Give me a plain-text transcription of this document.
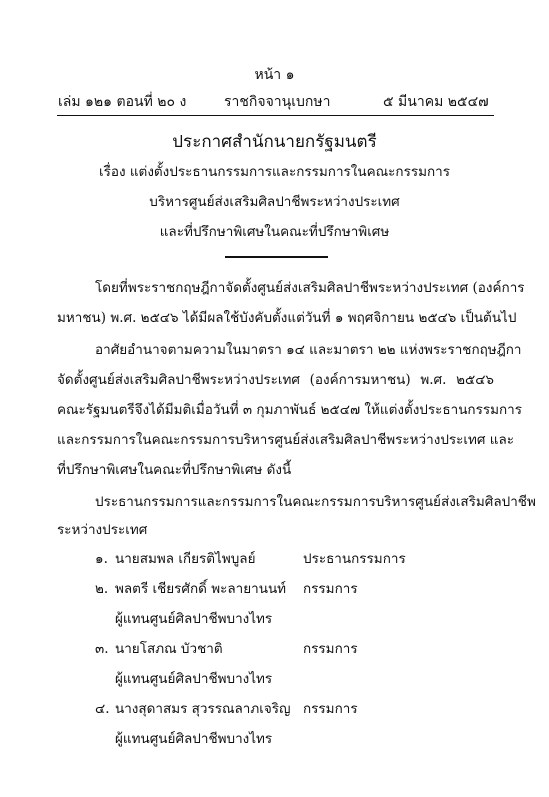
หน้า ๑
เล่ม ๑๒๑ ตอนที่ ๒๐ ง	ราชกิจจานุเบกษา	๕ มีนาคม ๒๕๔๗
ประกาศสำนักนายกรัฐมนตรี
เรื่อง แต่งตั้งประธานกรรมการและกรรมการในคณะกรรมการ
บริหารศูนย์ส่งเสริมศิลปาชีพระหว่างประเทศ
และที่ปรึกษาพิเศษในคณะที่ปรึกษาพิเศษ
โดยที่พระราชกฤษฎีกาจัดตั้งศูนย์ส่งเสริมศิลปาชีพระหว่างประเทศ (องค์การ
มหาชน) พ.ศ. ๒๕๔๖ ได้มีผลใช้บังคับตั้งแต่วันที่ ๑ พฤศจิกายน ๒๕๔๖ เป็นต้นไป
อาศัยอำนาจตามความในมาตรา ๑๔ และมาตรา ๒๒ แห่งพระราชกฤษฎีกา
จัดตั้งศูนย์ส่งเสริมศิลปาชีพระหว่างประเทศ (องค์การมหาชน) พ.ศ. ๒๕๔๖
คณะรัฐมนตรีจึงได้มีมติเมื่อวันที่ ๓ กุมภาพันธ์ ๒๕๔๗ ให้แต่งตั้งประธานกรรมการ
และกรรมการในคณะกรรมการบริหารศูนย์ส่งเสริมศิลปาชีพระหว่างประเทศ และ
ที่ปรึกษาพิเศษในคณะที่ปรึกษาพิเศษ ดังนี้
ประธานกรรมการและกรรมการในคณะกรรมการบริหารศูนย์ส่งเสริมศิลปาชีพ
ระหว่างประเทศ
๑. นายสมพล เกียรติไพบูลย์	ประธานกรรมการ
๒. พลตรี เชียรศักดิ์ พะลายานนท์ กรรมการ
ผู้แทนศูนย์ศิลปาชีพบางไทร
๓. นายโสภณ บัวชาติ	กรรมการ
ผู้แทนศูนย์ศิลปาชีพบางไทร
๔. นางสุดาสมร สุวรรณลาภเจริญ กรรมการ
ผู้แทนศูนย์ศิลปาชีพบางไทร
